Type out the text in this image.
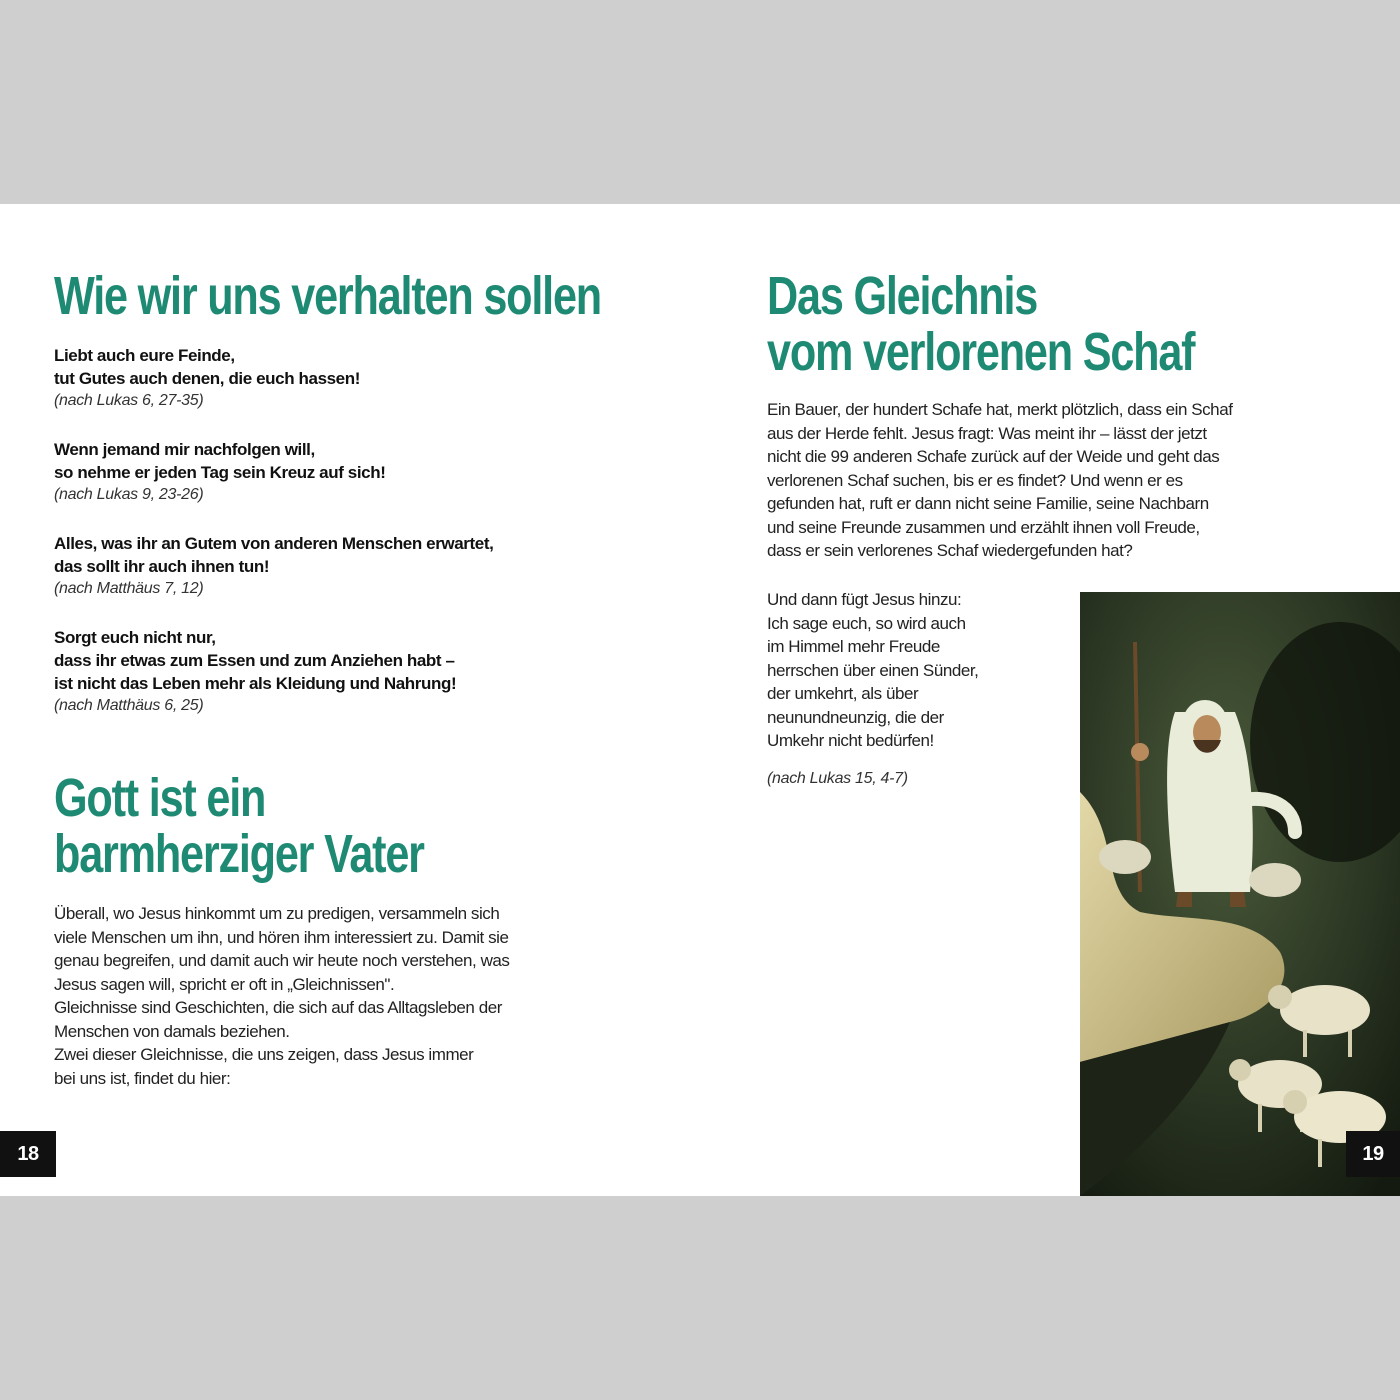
Wie wir uns verhalten sollen
Liebt auch eure Feinde,
tut Gutes auch denen, die euch hassen!
(nach Lukas 6, 27-35)
Wenn jemand mir nachfolgen will,
so nehme er jeden Tag sein Kreuz auf sich!
(nach Lukas 9, 23-26)
Alles, was ihr an Gutem von anderen Menschen erwartet,
das sollt ihr auch ihnen tun!
(nach Matthäus 7, 12)
Sorgt euch nicht nur,
dass ihr etwas zum Essen und zum Anziehen habt –
ist nicht das Leben mehr als Kleidung und Nahrung!
(nach Matthäus 6, 25)
Gott ist ein
barmherziger Vater
Überall, wo Jesus hinkommt um zu predigen, versammeln sich
viele Menschen um ihn, und hören ihm interessiert zu. Damit sie
genau begreifen, und damit auch wir heute noch verstehen, was
Jesus sagen will, spricht er oft in „Gleichnissen".
Gleichnisse sind Geschichten, die sich auf das Alltagsleben der
Menschen von damals beziehen.
Zwei dieser Gleichnisse, die uns zeigen, dass Jesus immer
bei uns ist, findet du hier:
18
Das Gleichnis
vom verlorenen Schaf
Ein Bauer, der hundert Schafe hat, merkt plötzlich, dass ein Schaf
aus der Herde fehlt. Jesus fragt: Was meint ihr – lässt der jetzt
nicht die 99 anderen Schafe zurück auf der Weide und geht das
verlorenen Schaf suchen, bis er es findet? Und wenn er es
gefunden hat, ruft er dann nicht seine Familie, seine Nachbarn
und seine Freunde zusammen und erzählt ihnen voll Freude,
dass er sein verlorenes Schaf wiedergefunden hat?
Und dann fügt Jesus hinzu:
Ich sage euch, so wird auch
im Himmel mehr Freude
herrschen über einen Sünder,
der umkehrt, als über
neunundneunzig, die der
Umkehr nicht bedürfen!
(nach Lukas 15, 4-7)
19
